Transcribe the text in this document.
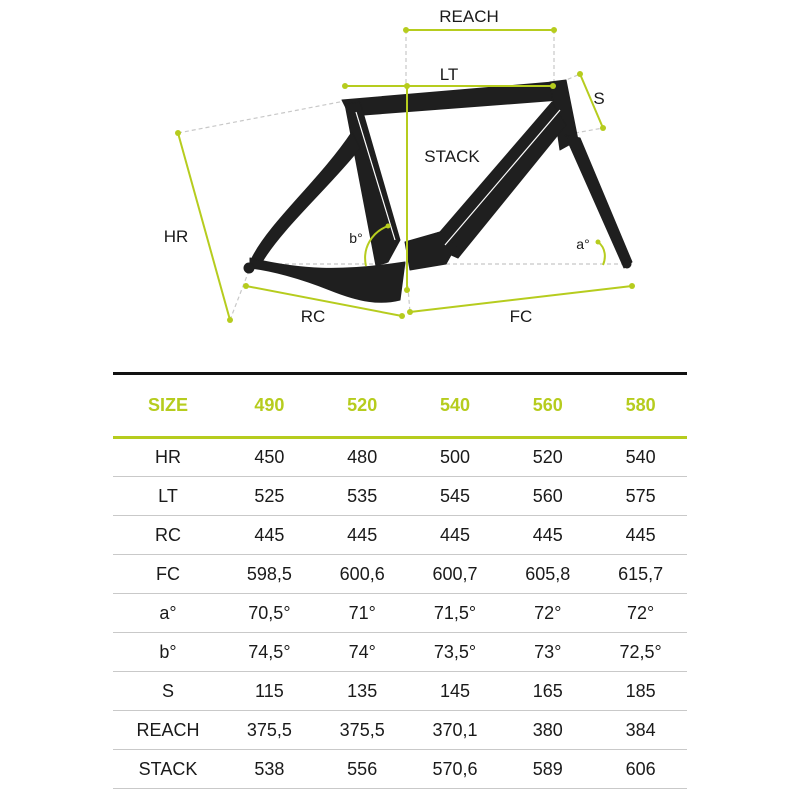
REACH
LT
S
STACK
HR	b°	a°
RC	FC
SIZE	490	520	540	560	580
HR	450	480	500	520	540
LT	525	535	545	560	575
RC	445	445	445	445	445
FC	598,5	600,6	600,7	605,8	615,7
a°	70,5°	71°	71,5°	72°	72°
b°	74,5°	74°	73,5°	73°	72,5°
S	115	135	145	165	185
REACH	375,5	375,5	370,1	380	384
STACK	538	556	570,6	589	606
